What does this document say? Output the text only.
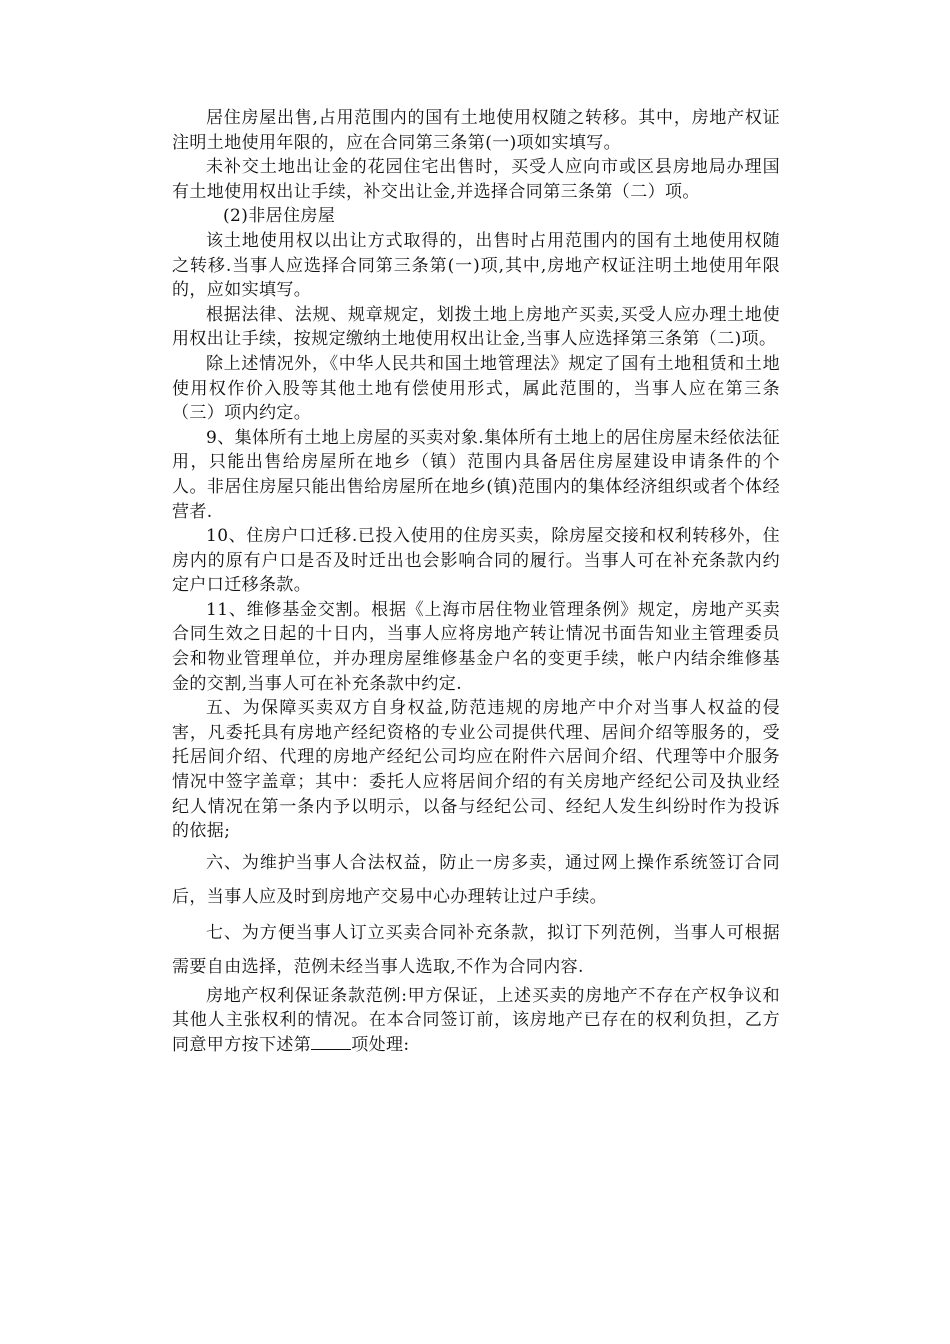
居住房屋出售,占用范围内的国有土地使用权随之转移。其中，房地产权证注明土地使用年限的，应在合同第三条第(一)项如实填写。

未补交土地出让金的花园住宅出售时，买受人应向市或区县房地局办理国有土地使用权出让手续，补交出让金,并选择合同第三条第（二）项。

(2)非居住房屋

该土地使用权以出让方式取得的，出售时占用范围内的国有土地使用权随之转移.当事人应选择合同第三条第(一)项,其中,房地产权证注明土地使用年限的，应如实填写。

根据法律、法规、规章规定，划拨土地上房地产买卖,买受人应办理土地使用权出让手续，按规定缴纳土地使用权出让金,当事人应选择第三条第（二)项。

除上述情况外，《中华人民共和国土地管理法》规定了国有土地租赁和土地使用权作价入股等其他土地有偿使用形式，属此范围的，当事人应在第三条（三）项内约定。

9、集体所有土地上房屋的买卖对象.集体所有土地上的居住房屋未经依法征用，只能出售给房屋所在地乡（镇）范围内具备居住房屋建设申请条件的个人。非居住房屋只能出售给房屋所在地乡(镇)范围内的集体经济组织或者个体经营者.

10、住房户口迁移.已投入使用的住房买卖，除房屋交接和权利转移外，住房内的原有户口是否及时迁出也会影响合同的履行。当事人可在补充条款内约定户口迁移条款。

11、维修基金交割。根据《上海市居住物业管理条例》规定，房地产买卖合同生效之日起的十日内，当事人应将房地产转让情况书面告知业主管理委员会和物业管理单位，并办理房屋维修基金户名的变更手续，帐户内结余维修基金的交割,当事人可在补充条款中约定.

五、为保障买卖双方自身权益,防范违规的房地产中介对当事人权益的侵害，凡委托具有房地产经纪资格的专业公司提供代理、居间介绍等服务的，受托居间介绍、代理的房地产经纪公司均应在附件六居间介绍、代理等中介服务情况中签字盖章；其中：委托人应将居间介绍的有关房地产经纪公司及执业经纪人情况在第一条内予以明示，以备与经纪公司、经纪人发生纠纷时作为投诉的依据;

六、为维护当事人合法权益，防止一房多卖，通过网上操作系统签订合同后，当事人应及时到房地产交易中心办理转让过户手续。

七、为方便当事人订立买卖合同补充条款，拟订下列范例，当事人可根据需要自由选择，范例未经当事人选取,不作为合同内容.

房地产权利保证条款范例:甲方保证，上述买卖的房地产不存在产权争议和其他人主张权利的情况。在本合同签订前，该房地产已存在的权利负担，乙方同意甲方按下述第 项处理:
